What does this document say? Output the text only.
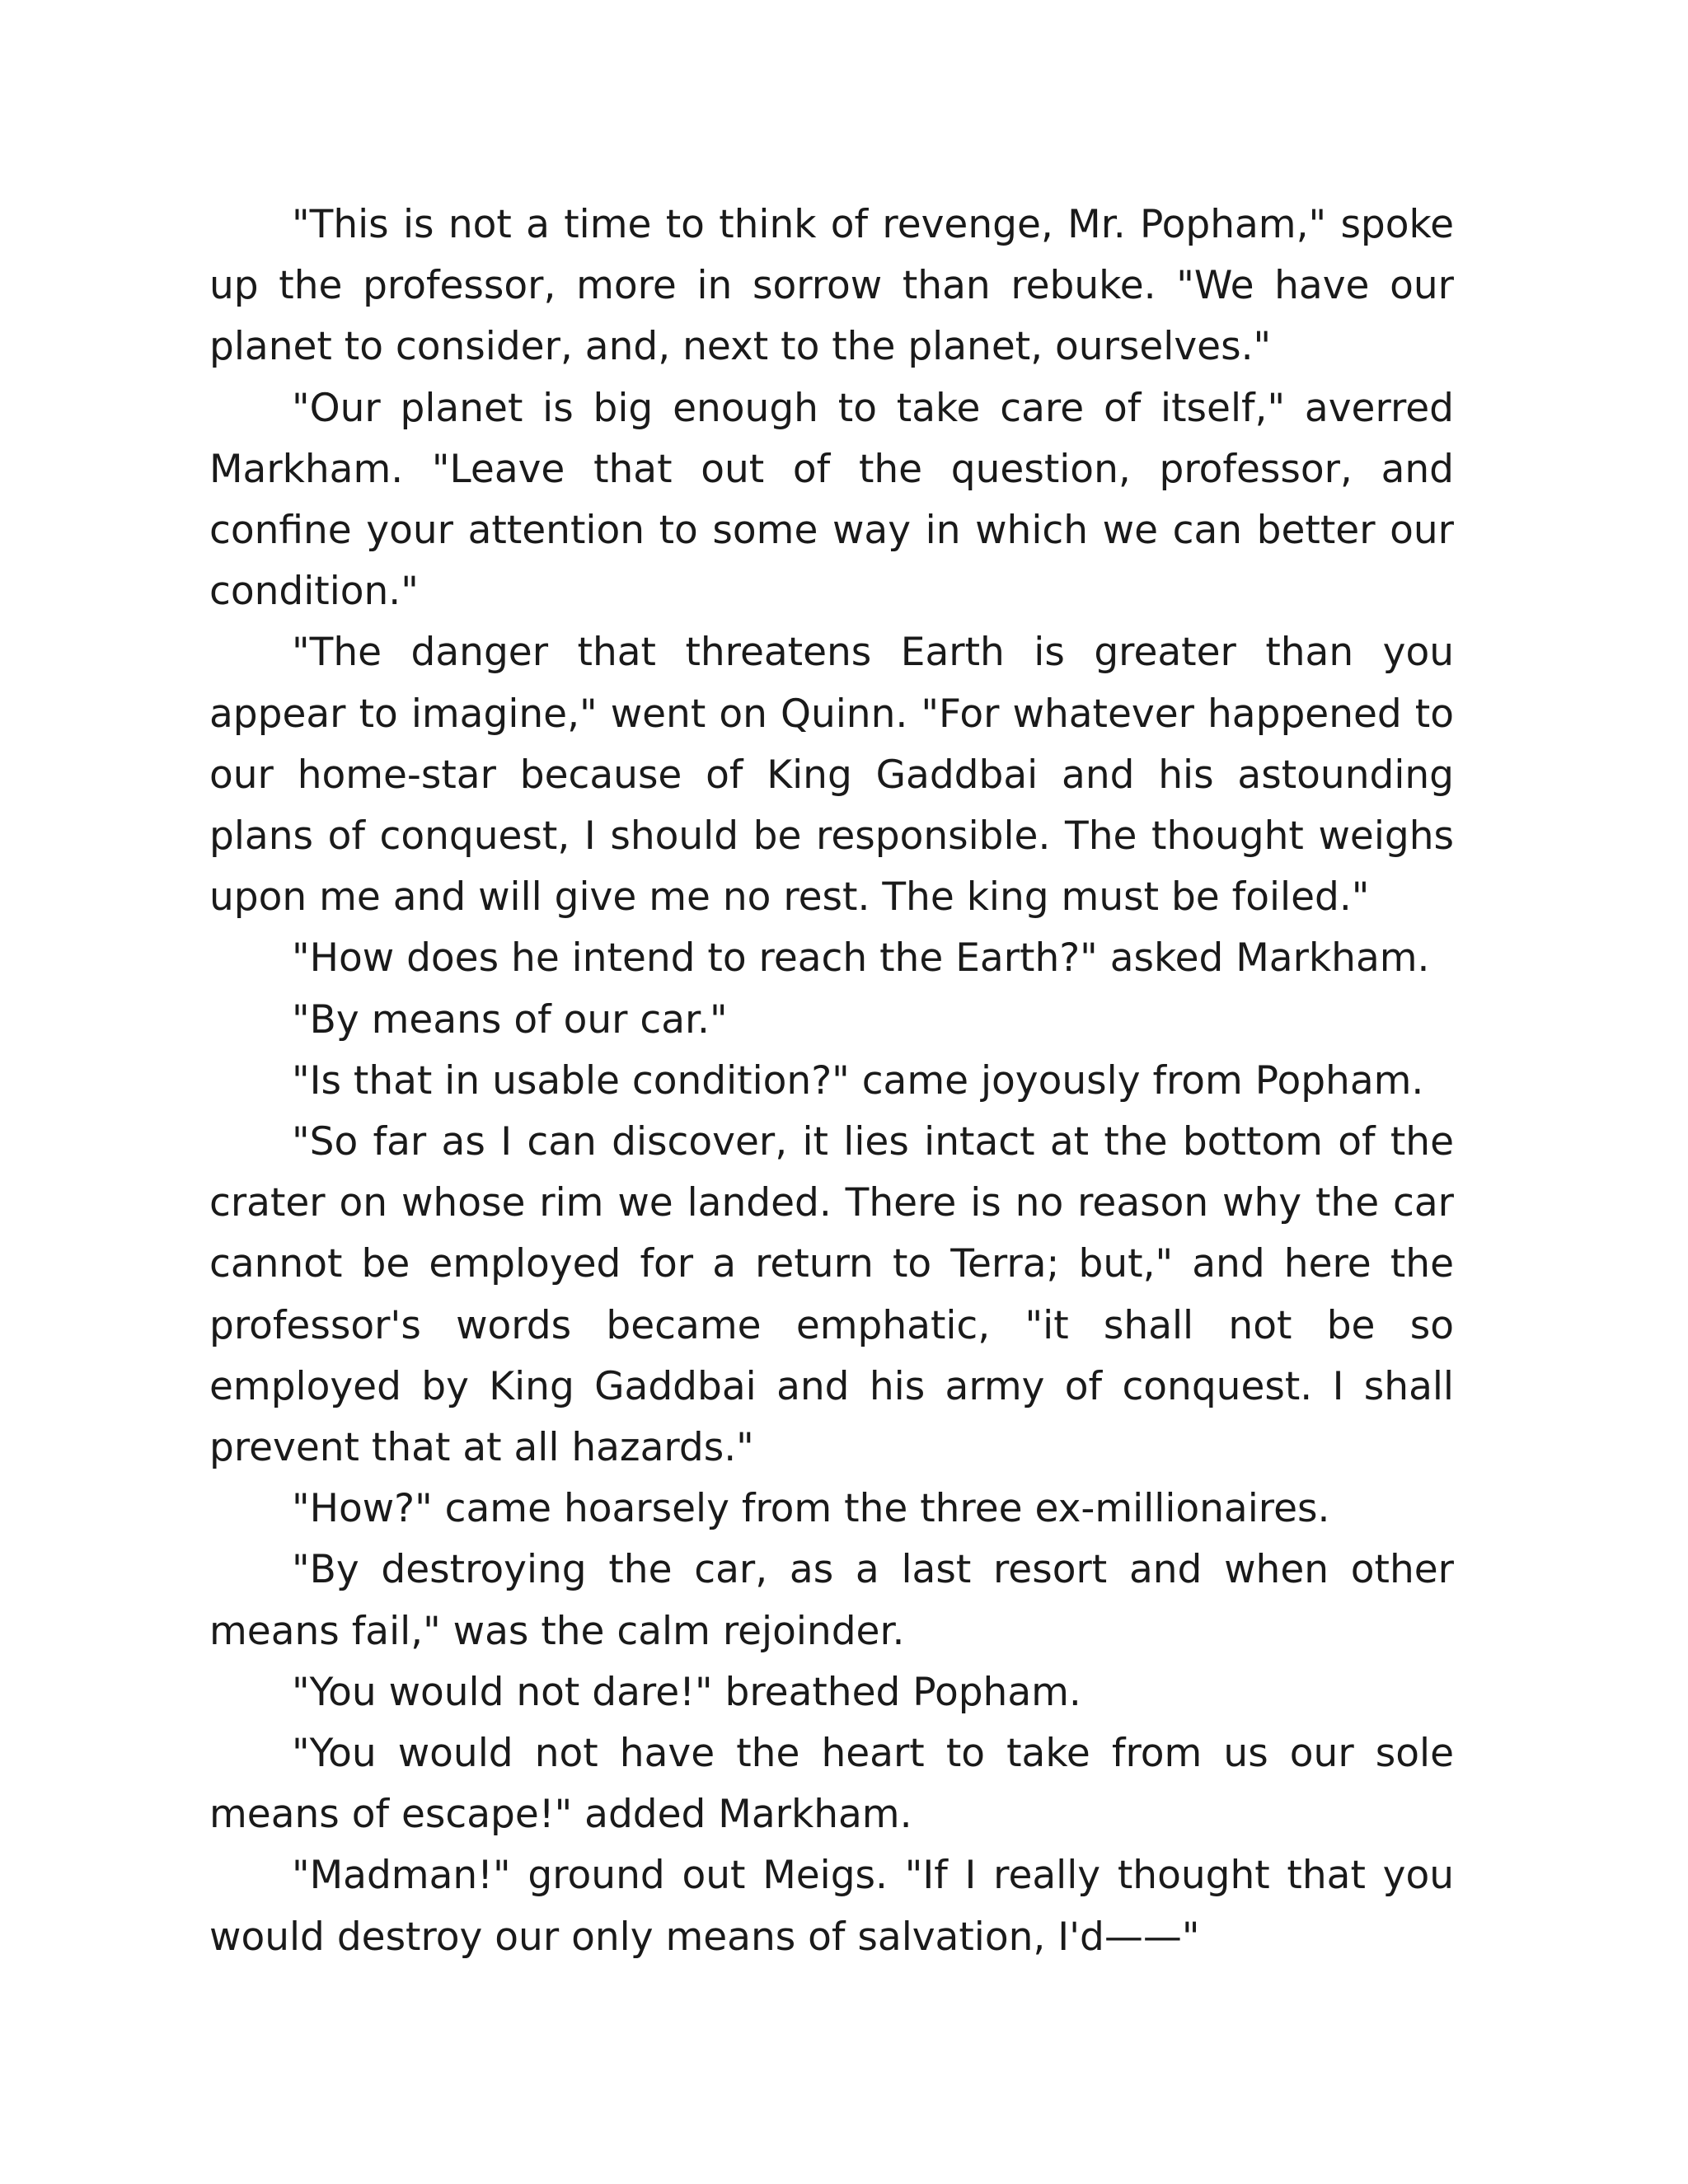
"This is not a time to think of revenge, Mr. Popham," spoke up the professor, more in sorrow than rebuke. "We have our planet to consider, and, next to the planet, ourselves."

"Our planet is big enough to take care of itself," averred Markham. "Leave that out of the question, professor, and confine your attention to some way in which we can better our condition."

"The danger that threatens Earth is greater than you appear to imagine," went on Quinn. "For whatever happened to our home-star because of King Gaddbai and his astounding plans of conquest, I should be responsible. The thought weighs upon me and will give me no rest. The king must be foiled."

"How does he intend to reach the Earth?" asked Markham.

"By means of our car."

"Is that in usable condition?" came joyously from Popham.

"So far as I can discover, it lies intact at the bottom of the crater on whose rim we landed. There is no reason why the car cannot be employed for a return to Terra; but," and here the professor's words became emphatic, "it shall not be so employed by King Gaddbai and his army of conquest. I shall prevent that at all hazards."

"How?" came hoarsely from the three ex-millionaires.

"By destroying the car, as a last resort and when other means fail," was the calm rejoinder.

"You would not dare!" breathed Popham.

"You would not have the heart to take from us our sole means of escape!" added Markham.

"Madman!" ground out Meigs. "If I really thought that you would destroy our only means of salvation, I'd——"
